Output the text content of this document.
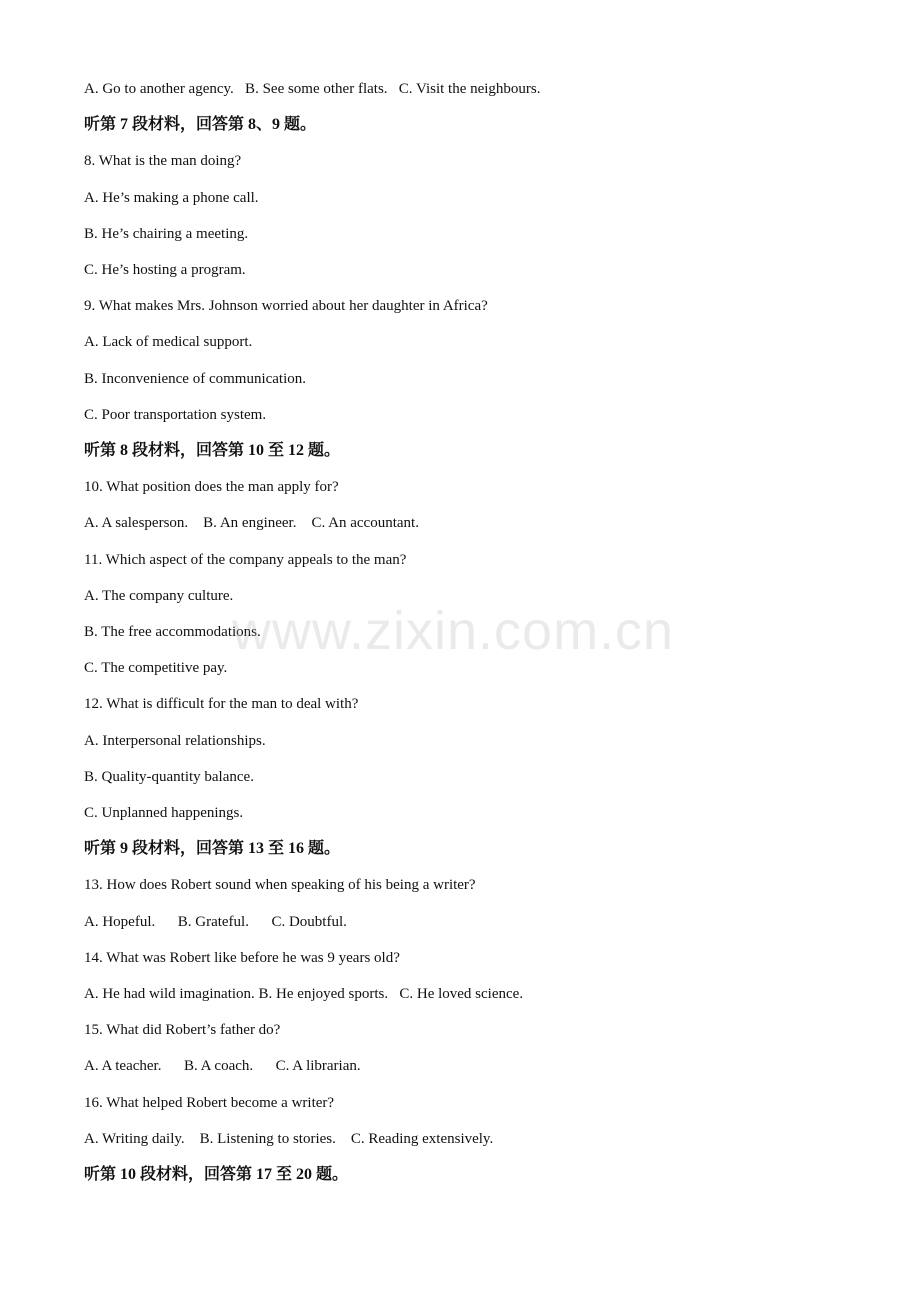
A. Go to another agency.   B. See some other flats.   C. Visit the neighbours.
听第 7 段材料，回答第 8、9 题。
8. What is the man doing?
A. He’s making a phone call.
B. He’s chairing a meeting.
C. He’s hosting a program.
9. What makes Mrs. Johnson worried about her daughter in Africa?
A. Lack of medical support.
B. Inconvenience of communication.
C. Poor transportation system.
听第 8 段材料，回答第 10 至 12 题。
10. What position does the man apply for?
A. A salesperson.    B. An engineer.    C. An accountant.
11. Which aspect of the company appeals to the man?
A. The company culture.
B. The free accommodations.
C. The competitive pay.
12. What is difficult for the man to deal with?
A. Interpersonal relationships.
B. Quality-quantity balance.
C. Unplanned happenings.
听第 9 段材料，回答第 13 至 16 题。
13. How does Robert sound when speaking of his being a writer?
A. Hopeful.      B. Grateful.      C. Doubtful.
14. What was Robert like before he was 9 years old?
A. He had wild imagination. B. He enjoyed sports.   C. He loved science.
15. What did Robert’s father do?
A. A teacher.      B. A coach.      C. A librarian.
16. What helped Robert become a writer?
A. Writing daily.    B. Listening to stories.    C. Reading extensively.
听第 10 段材料，回答第 17 至 20 题。
www.zixin.com.cn
